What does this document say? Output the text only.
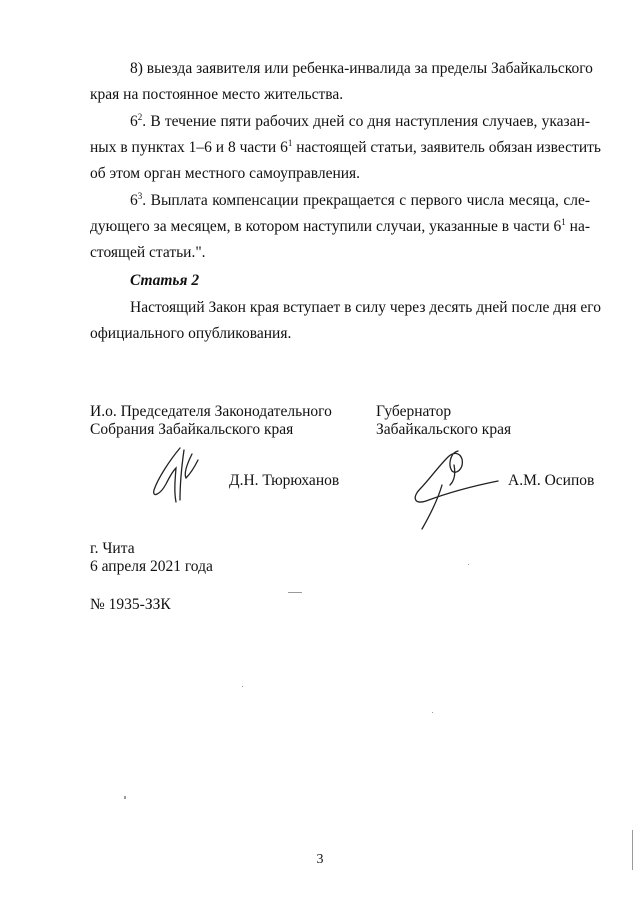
8) выезда заявителя или ребенка-инвалида за пределы Забайкальского
края на постоянное место жительства.
$6^2$. В течение пяти рабочих дней со дня наступления случаев, указан-
ных в пунктах 1–6 и 8 части $6^1$ настоящей статьи, заявитель обязан известить
об этом орган местного самоуправления.
$6^3$. Выплата компенсации прекращается с первого числа месяца, сле-
дующего за месяцем, в котором наступили случаи, указанные в части $6^1$ на-
стоящей статьи.".
Статья 2
Настоящий Закон края вступает в силу через десять дней после дня его
официального опубликования.
И.о. Председателя Законодательного
Собрания Забайкальского края
Д.Н. Тюрюханов
Губернатор
Забайкальского края
А.М. Осипов
г. Чита
6 апреля 2021 года
№ 1935-ЗЗК
3
